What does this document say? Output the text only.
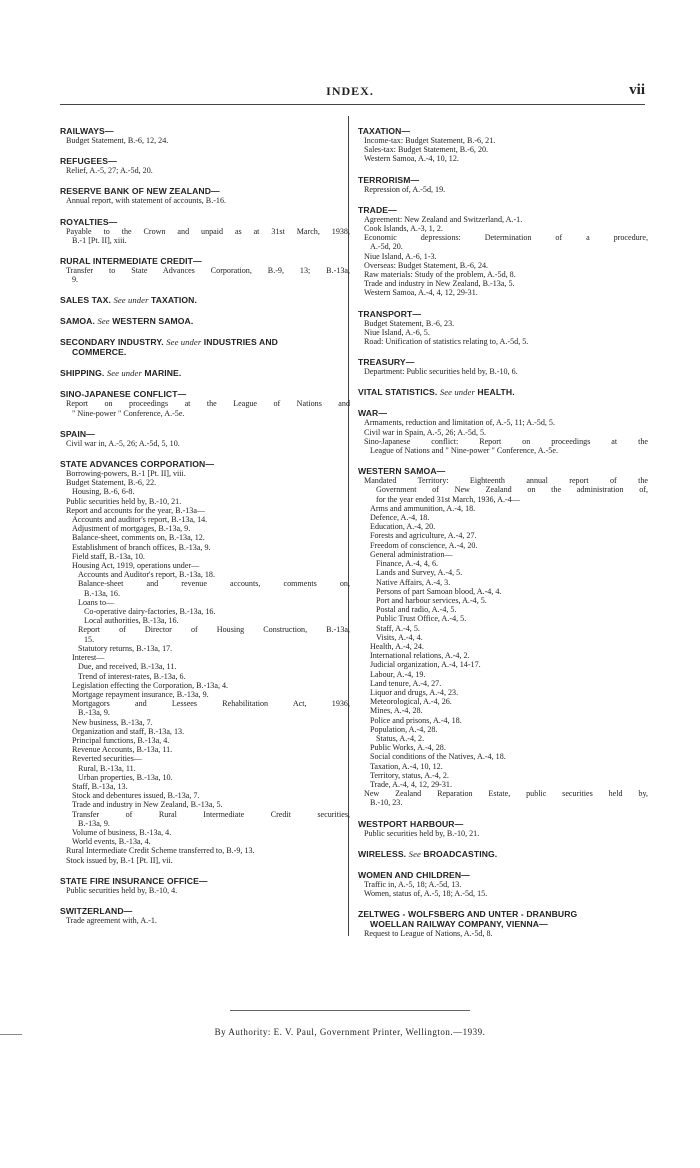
INDEX.	vii
RAILWAYS—
Budget Statement, B.-6, 12, 24.
REFUGEES—
Relief, A.-5, 27; A.-5d, 20.
RESERVE BANK OF NEW ZEALAND—
Annual report, with statement of accounts, B.-16.
ROYALTIES—
Payable to the Crown and unpaid as at 31st March, 1938,
B.-1 [Pt. II], xiii.
RURAL INTERMEDIATE CREDIT—
Transfer to State Advances Corporation, B.-9, 13; B.-13a,
9.
SALES TAX. See under TAXATION.
SAMOA. See WESTERN SAMOA.
SECONDARY INDUSTRY. See under INDUSTRIES AND
COMMERCE.
SHIPPING. See under MARINE.
SINO-JAPANESE CONFLICT—
Report on proceedings at the League of Nations and
" Nine-power " Conference, A.-5e.
SPAIN—
Civil war in, A.-5, 26; A.-5d, 5, 10.
STATE ADVANCES CORPORATION—
Borrowing-powers, B.-1 [Pt. II], viii.
Budget Statement, B.-6, 22.
Housing, B.-6, 6-8.
Public securities held by, B.-10, 21.
Report and accounts for the year, B.-13a—
Accounts and auditor's report, B.-13a, 14.
Adjustment of mortgages, B.-13a, 9.
Balance-sheet, comments on, B.-13a, 12.
Establishment of branch offices, B.-13a, 9.
Field staff, B.-13a, 10.
Housing Act, 1919, operations under—
Accounts and Auditor's report, B.-13a, 18.
Balance-sheet and revenue accounts, comments on,
B.-13a, 16.
Loans to—
Co-operative dairy-factories, B.-13a, 16.
Local authorities, B.-13a, 16.
Report of Director of Housing Construction, B.-13a,
15.
Statutory returns, B.-13a, 17.
Interest—
Due, and received, B.-13a, 11.
Trend of interest-rates, B.-13a, 6.
Legislation effecting the Corporation, B.-13a, 4.
Mortgage repayment insurance, B.-13a, 9.
Mortgagors and Lessees Rehabilitation Act, 1936,
B.-13a, 9.
New business, B.-13a, 7.
Organization and staff, B.-13a, 13.
Principal functions, B.-13a, 4.
Revenue Accounts, B.-13a, 11.
Reverted securities—
Rural, B.-13a, 11.
Urban properties, B.-13a, 10.
Staff, B.-13a, 13.
Stock and debentures issued, B.-13a, 7.
Trade and industry in New Zealand, B.-13a, 5.
Transfer of Rural Intermediate Credit securities,
B.-13a, 9.
Volume of business, B.-13a, 4.
World events, B.-13a, 4.
Rural Intermediate Credit Scheme transferred to, B.-9, 13.
Stock issued by, B.-1 [Pt. II], vii.
STATE FIRE INSURANCE OFFICE—
Public securities held by, B.-10, 4.
SWITZERLAND—
Trade agreement with, A.-1.
TAXATION—
Income-tax: Budget Statement, B.-6, 21.
Sales-tax: Budget Statement, B.-6, 20.
Western Samoa, A.-4, 10, 12.
TERRORISM—
Repression of, A.-5d, 19.
TRADE—
Agreement: New Zealand and Switzerland, A.-1.
Cook Islands, A.-3, 1, 2.
Economic depressions: Determination of a procedure,
A.-5d, 20.
Niue Island, A.-6, 1-3.
Overseas: Budget Statement, B.-6, 24.
Raw materials: Study of the problem, A.-5d, 8.
Trade and industry in New Zealand, B.-13a, 5.
Western Samoa, A.-4, 4, 12, 29-31.
TRANSPORT—
Budget Statement, B.-6, 23.
Niue Island, A.-6, 5.
Road: Unification of statistics relating to, A.-5d, 5.
TREASURY—
Department: Public securities held by, B.-10, 6.
VITAL STATISTICS. See under HEALTH.
WAR—
Armaments, reduction and limitation of, A.-5, 11; A.-5d, 5.
Civil war in Spain, A.-5, 26; A.-5d, 5.
Sino-Japanese conflict: Report on proceedings at the
League of Nations and " Nine-power " Conference, A.-5e.
WESTERN SAMOA—
Mandated Territory: Eighteenth annual report of the
Government of New Zealand on the administration of,
for the year ended 31st March, 1936, A.-4—
Arms and ammunition, A.-4, 18.
Defence, A.-4, 18.
Education, A.-4, 20.
Forests and agriculture, A.-4, 27.
Freedom of conscience, A.-4, 20.
General administration—
Finance, A.-4, 4, 6.
Lands and Survey, A.-4, 5.
Native Affairs, A.-4, 3.
Persons of part Samoan blood, A.-4, 4.
Port and harbour services, A.-4, 5.
Postal and radio, A.-4, 5.
Public Trust Office, A.-4, 5.
Staff, A.-4, 5.
Visits, A.-4, 4.
Health, A.-4, 24.
International relations, A.-4, 2.
Judicial organization, A.-4, 14-17.
Labour, A.-4, 19.
Land tenure, A.-4, 27.
Liquor and drugs, A.-4, 23.
Meteorological, A.-4, 26.
Mines, A.-4, 28.
Police and prisons, A.-4, 18.
Population, A.-4, 28.
Status, A.-4, 2.
Public Works, A.-4, 28.
Social conditions of the Natives, A.-4, 18.
Taxation, A.-4, 10, 12.
Territory, status, A.-4, 2.
Trade, A.-4, 4, 12, 29-31.
New Zealand Reparation Estate, public securities held by,
B.-10, 23.
WESTPORT HARBOUR—
Public securities held by, B.-10, 21.
WIRELESS. See BROADCASTING.
WOMEN AND CHILDREN—
Traffic in, A.-5, 18; A.-5d, 13.
Women, status of, A.-5, 18; A.-5d, 15.
ZELTWEG - WOLFSBERG AND UNTER - DRANBURG
WOELLAN RAILWAY COMPANY, VIENNA—
Request to League of Nations, A.-5d, 8.
By Authority: E. V. Paul, Government Printer, Wellington.—1939.
